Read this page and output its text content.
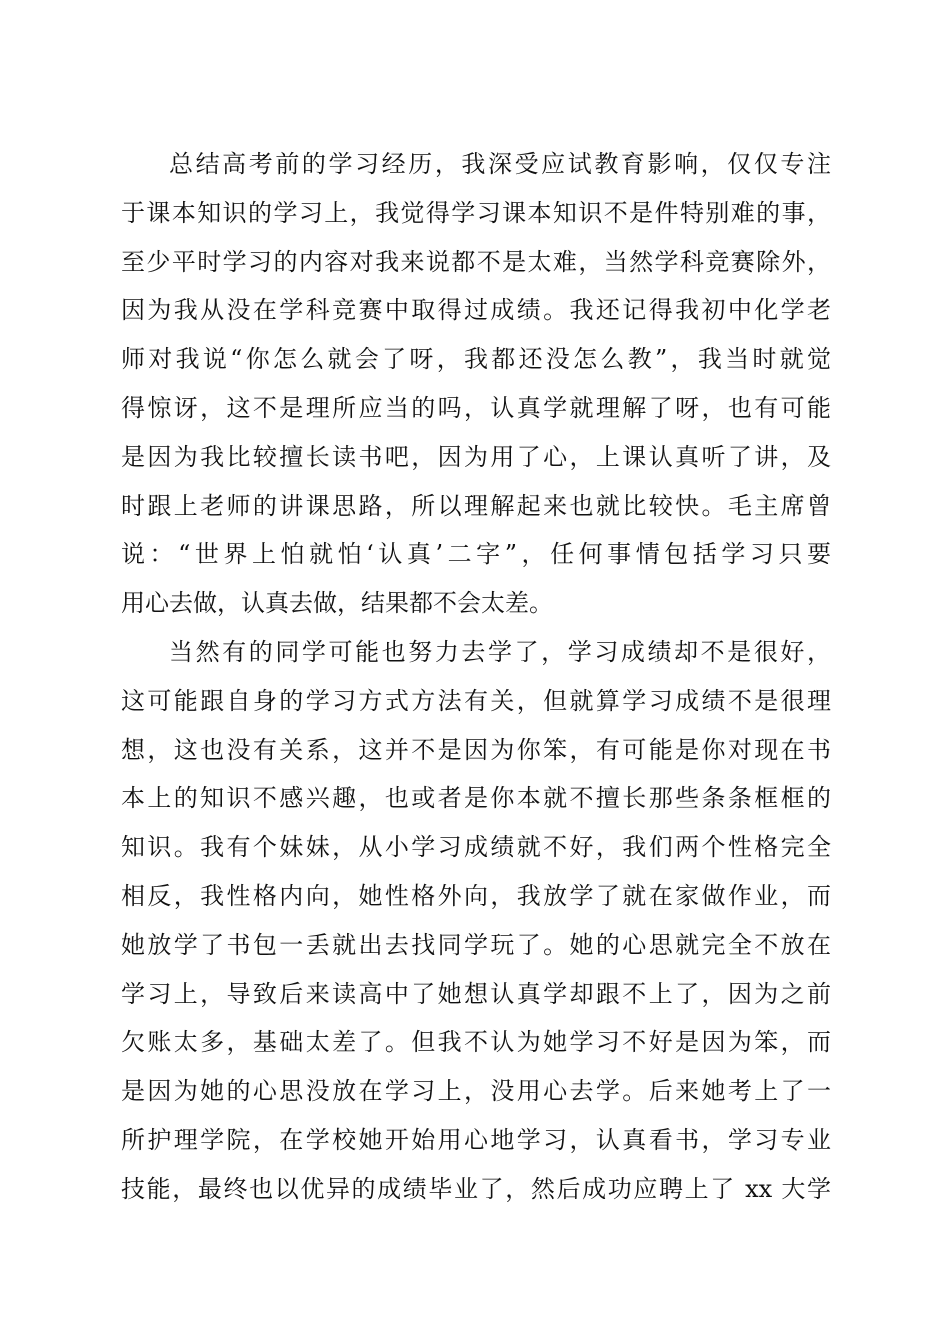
总结高考前的学习经历，我深受应试教育影响，仅仅专注
于课本知识的学习上，我觉得学习课本知识不是件特别难的事，
至少平时学习的内容对我来说都不是太难，当然学科竞赛除外，
因为我从没在学科竞赛中取得过成绩。我还记得我初中化学老
师对我说“你怎么就会了呀，我都还没怎么教”，我当时就觉
得惊讶，这不是理所应当的吗，认真学就理解了呀，也有可能
是因为我比较擅长读书吧，因为用了心，上课认真听了讲，及
时跟上老师的讲课思路，所以理解起来也就比较快。毛主席曾
说：“世界上怕就怕‘认真’二字”，任何事情包括学习只要
用心去做，认真去做，结果都不会太差。
当然有的同学可能也努力去学了，学习成绩却不是很好，
这可能跟自身的学习方式方法有关，但就算学习成绩不是很理
想，这也没有关系，这并不是因为你笨，有可能是你对现在书
本上的知识不感兴趣，也或者是你本就不擅长那些条条框框的
知识。我有个妹妹，从小学习成绩就不好，我们两个性格完全
相反，我性格内向，她性格外向，我放学了就在家做作业，而
她放学了书包一丢就出去找同学玩了。她的心思就完全不放在
学习上，导致后来读高中了她想认真学却跟不上了，因为之前
欠账太多，基础太差了。但我不认为她学习不好是因为笨，而
是因为她的心思没放在学习上，没用心去学。后来她考上了一
所护理学院，在学校她开始用心地学习，认真看书，学习专业
技能，最终也以优异的成绩毕业了，然后成功应聘上了 xx 大学
